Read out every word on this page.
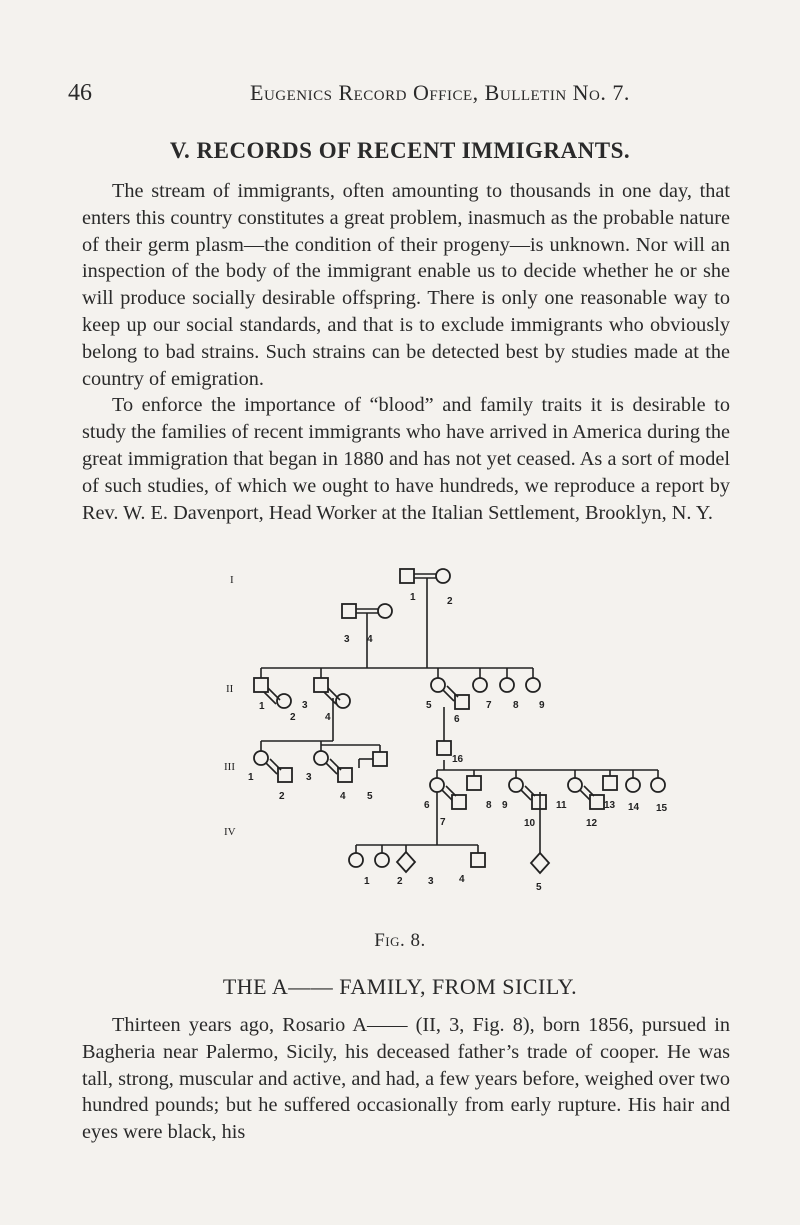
46	Eugenics Record Office, Bulletin No. 7.
V. RECORDS OF RECENT IMMIGRANTS.

The stream of immigrants, often amounting to thousands in one day, that enters this country constitutes a great problem, inasmuch as the probable nature of their germ plasm—the condition of their progeny—is unknown. Nor will an inspection of the body of the immigrant enable us to decide whether he or she will produce socially desirable offspring. There is only one reasonable way to keep up our social standards, and that is to exclude immigrants who obviously belong to bad strains. Such strains can be detected best by studies made at the country of emigration.

To enforce the importance of “blood” and family traits it is desirable to study the families of recent immigrants who have arrived in America during the great immigration that began in 1880 and has not yet ceased. As a sort of model of such studies, of which we ought to have hundreds, we reproduce a report by Rev. W. E. Davenport, Head Worker at the Italian Settlement, Brooklyn, N. Y.

I
II
III
IV
1	2
3 4
1
2
3
4
5
6
7 8 9
16
1
2
3
4 5
6
7
8 9
10
11
12
13 14 15
1	2	3	4
5
Fig. 8.
THE A—— FAMILY, FROM SICILY.

Thirteen years ago, Rosario A—— (II, 3, Fig. 8), born 1856, pursued in Bagheria near Palermo, Sicily, his deceased father’s trade of cooper. He was tall, strong, muscular and active, and had, a few years before, weighed over two hundred pounds; but he suffered occasionally from early rupture. His hair and eyes were black, his
